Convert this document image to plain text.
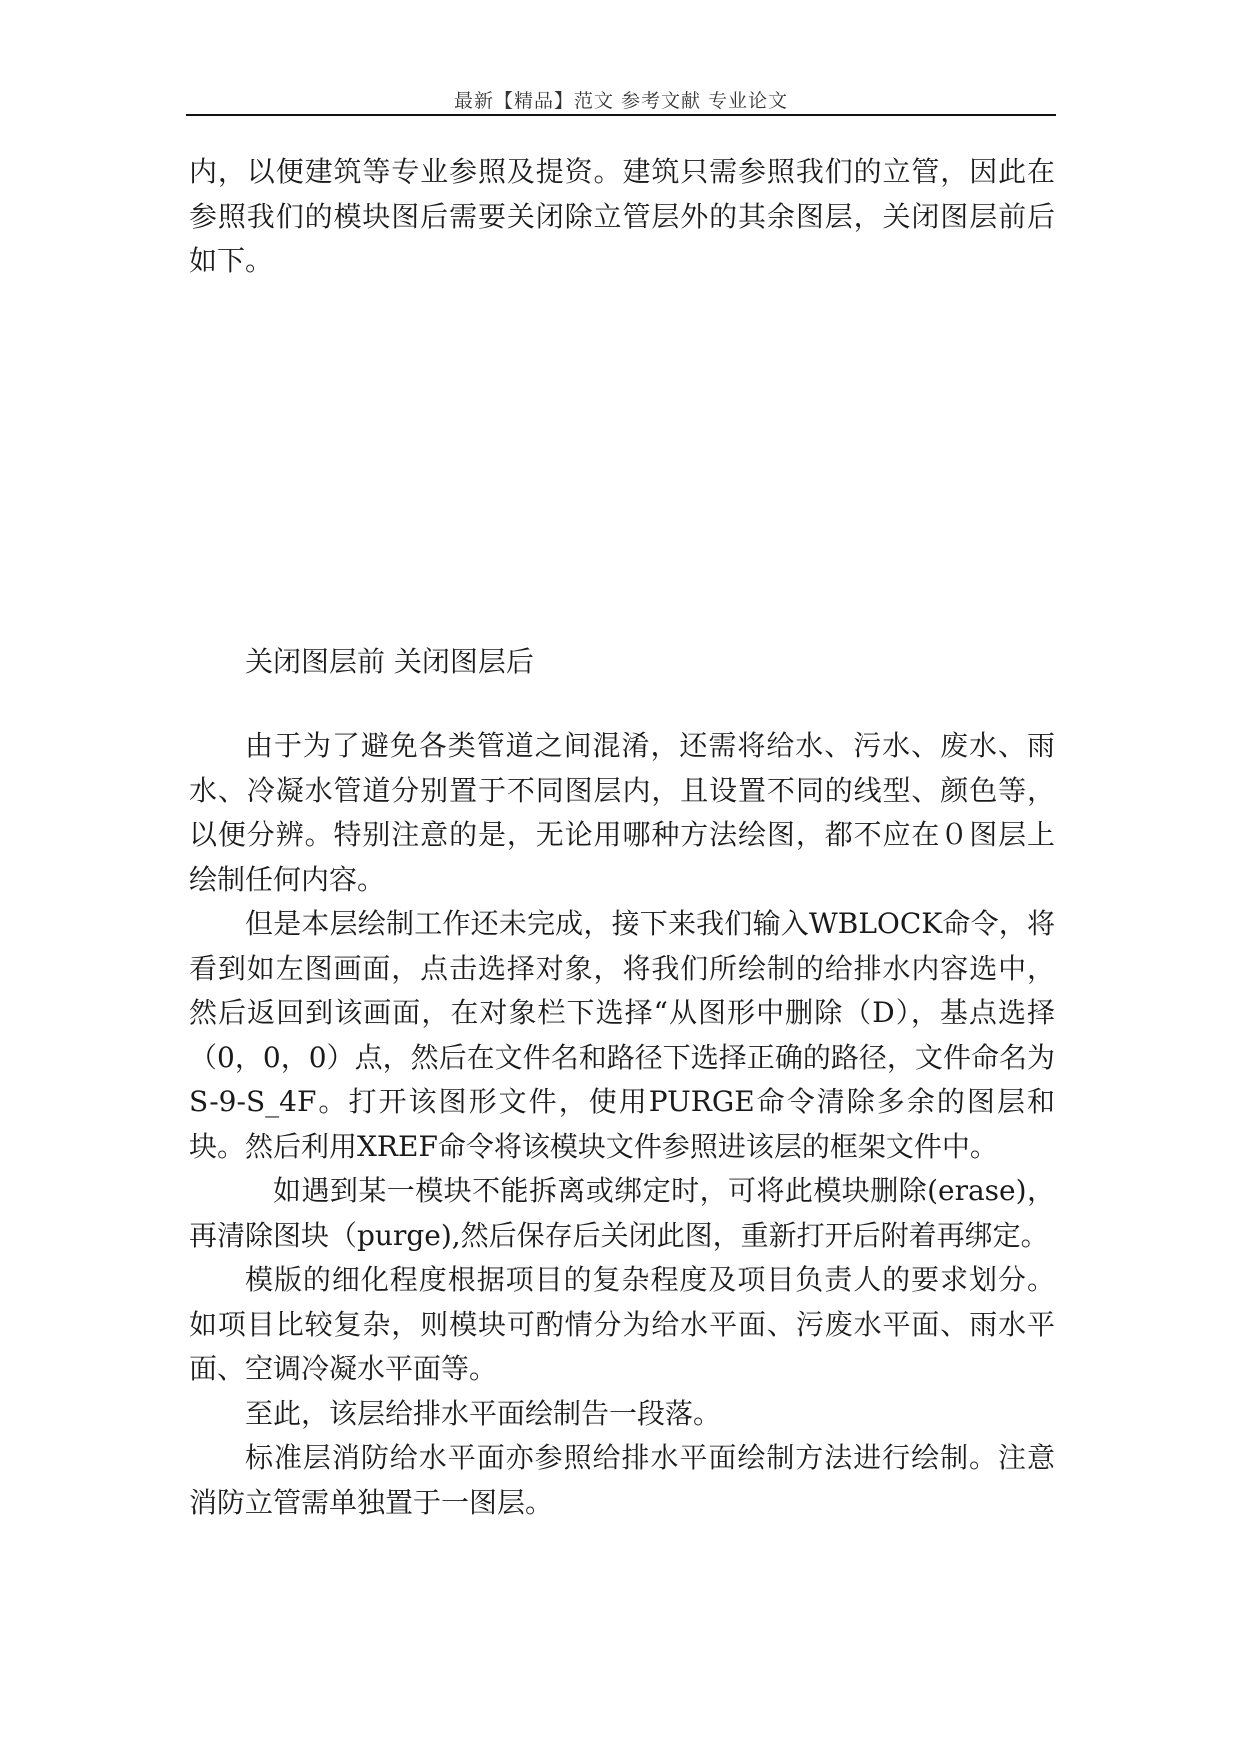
最新【精品】范文 参考文献 专业论文

内，以便建筑等专业参照及提资。建筑只需参照我们的立管，因此在参照我们的模块图后需要关闭除立管层外的其余图层，关闭图层前后如下。

关闭图层前 关闭图层后

由于为了避免各类管道之间混淆，还需将给水、污水、废水、雨水、冷凝水管道分别置于不同图层内，且设置不同的线型、颜色等，以便分辨。特别注意的是，无论用哪种方法绘图，都不应在０图层上绘制任何内容。

但是本层绘制工作还未完成，接下来我们输入WBLOCK命令，将看到如左图画面，点击选择对象，将我们所绘制的给排水内容选中，然后返回到该画面，在对象栏下选择“从图形中删除（D），基点选择（0，0，0）点，然后在文件名和路径下选择正确的路径，文件命名为S-9-S_4F。打开该图形文件，使用PURGE命令清除多余的图层和块。然后利用XREF命令将该模块文件参照进该层的框架文件中。

如遇到某一模块不能拆离或绑定时，可将此模块删除(erase)，再清除图块（purge),然后保存后关闭此图，重新打开后附着再绑定。

模版的细化程度根据项目的复杂程度及项目负责人的要求划分。如项目比较复杂，则模块可酌情分为给水平面、污废水平面、雨水平面、空调冷凝水平面等。

至此，该层给排水平面绘制告一段落。

标准层消防给水平面亦参照给排水平面绘制方法进行绘制。注意消防立管需单独置于一图层。
